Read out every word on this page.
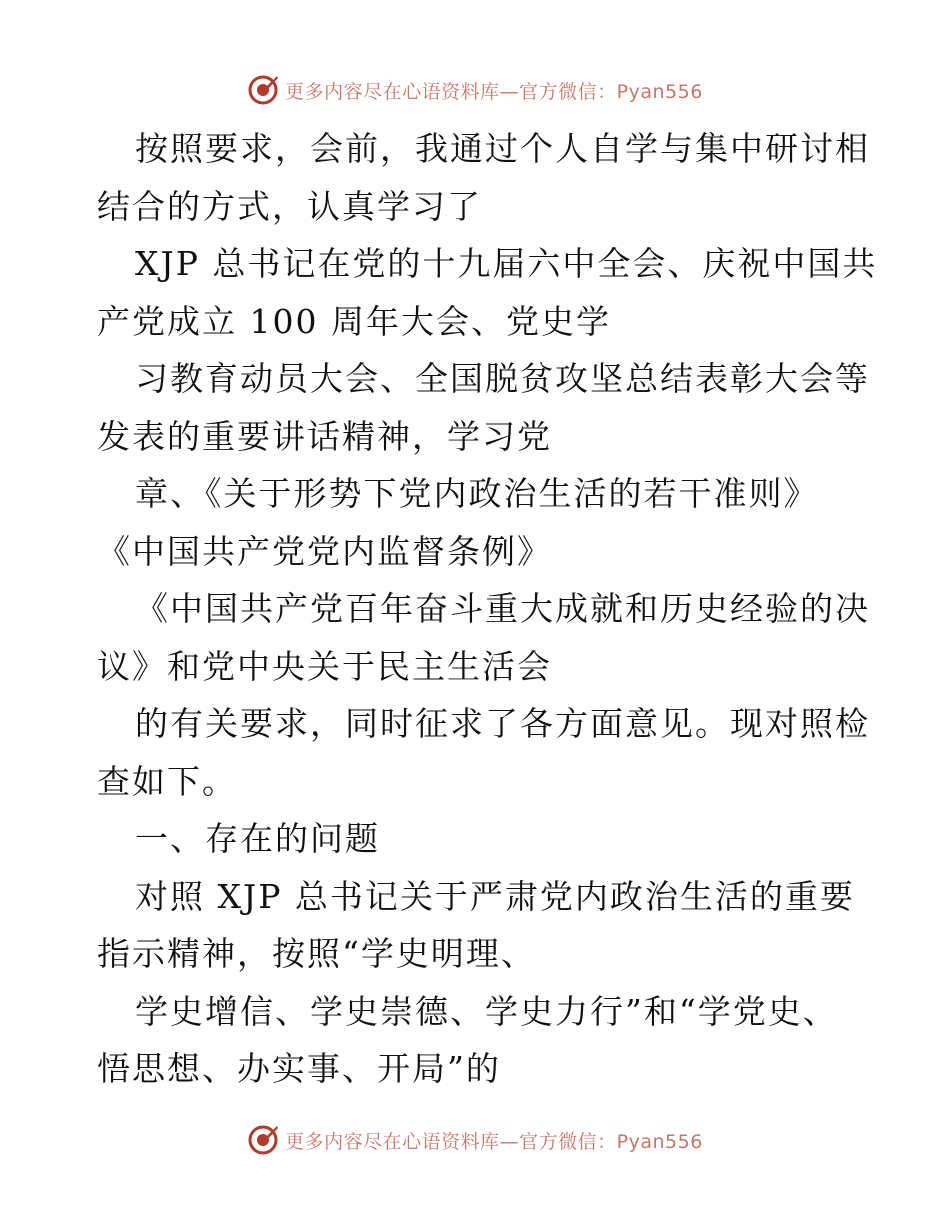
更多内容尽在心语资料库—官方微信：Pyan556
按照要求，会前，我通过个人自学与集中研讨相
结合的方式，认真学习了
XJP 总书记在党的十九届六中全会、庆祝中国共
产党成立 100 周年大会、党史学
习教育动员大会、全国脱贫攻坚总结表彰大会等
发表的重要讲话精神，学习党
章、《关于形势下党内政治生活的若干准则》
《中国共产党党内监督条例》
《中国共产党百年奋斗重大成就和历史经验的决
议》和党中央关于民主生活会
的有关要求，同时征求了各方面意见。现对照检
查如下。
一、存在的问题
对照 XJP 总书记关于严肃党内政治生活的重要
指示精神，按照“学史明理、
学史增信、学史崇德、学史力行”和“学党史、
悟思想、办实事、开局”的
更多内容尽在心语资料库—官方微信：Pyan556
